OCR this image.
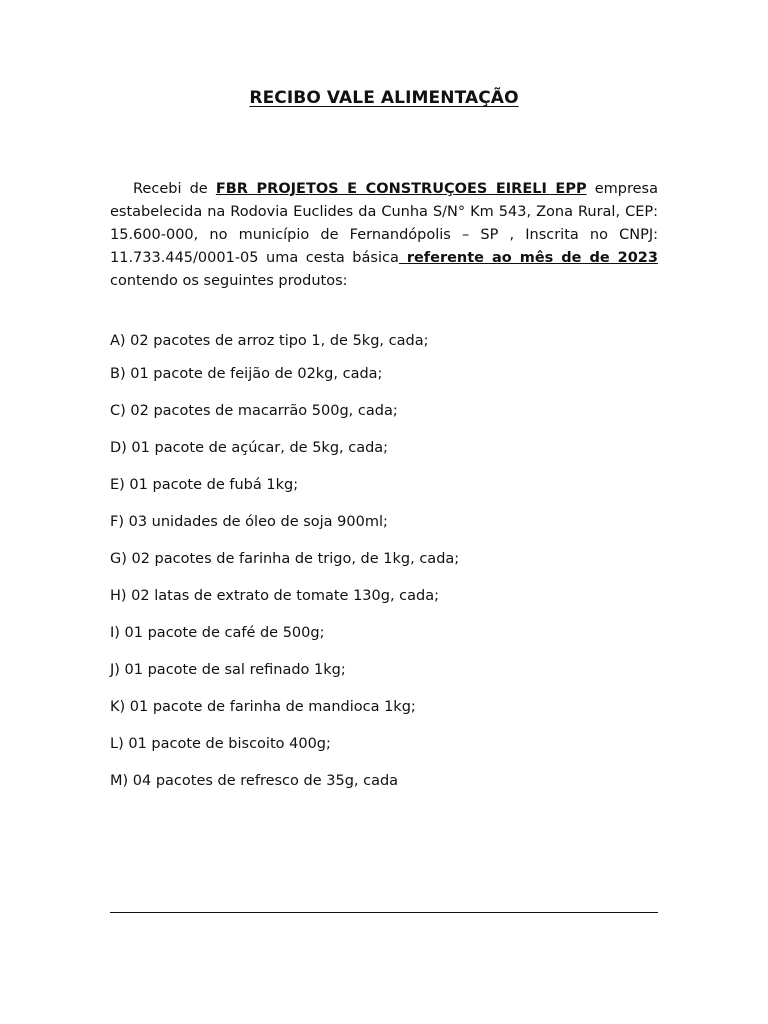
RECIBO VALE ALIMENTAÇÃO

Recebi de FBR PROJETOS E CONSTRUÇOES EIRELI EPP empresa estabelecida na Rodovia Euclides da Cunha S/N° Km 543, Zona Rural, CEP: 15.600-000, no município de Fernandópolis – SP , Inscrita no CNPJ: 11.733.445/0001-05 uma cesta básica referente ao mês de de 2023 contendo os seguintes produtos:

A) 02 pacotes de arroz tipo 1, de 5kg, cada;
B) 01 pacote de feijão de 02kg, cada;
C) 02 pacotes de macarrão 500g, cada;
D) 01 pacote de açúcar, de 5kg, cada;
E) 01 pacote de fubá 1kg;
F) 03 unidades de óleo de soja 900ml;
G) 02 pacotes de farinha de trigo, de 1kg, cada;
H) 02 latas de extrato de tomate 130g, cada;
I) 01 pacote de café de 500g;
J) 01 pacote de sal refinado 1kg;
K) 01 pacote de farinha de mandioca 1kg;
L) 01 pacote de biscoito 400g;
M) 04 pacotes de refresco de 35g, cada
